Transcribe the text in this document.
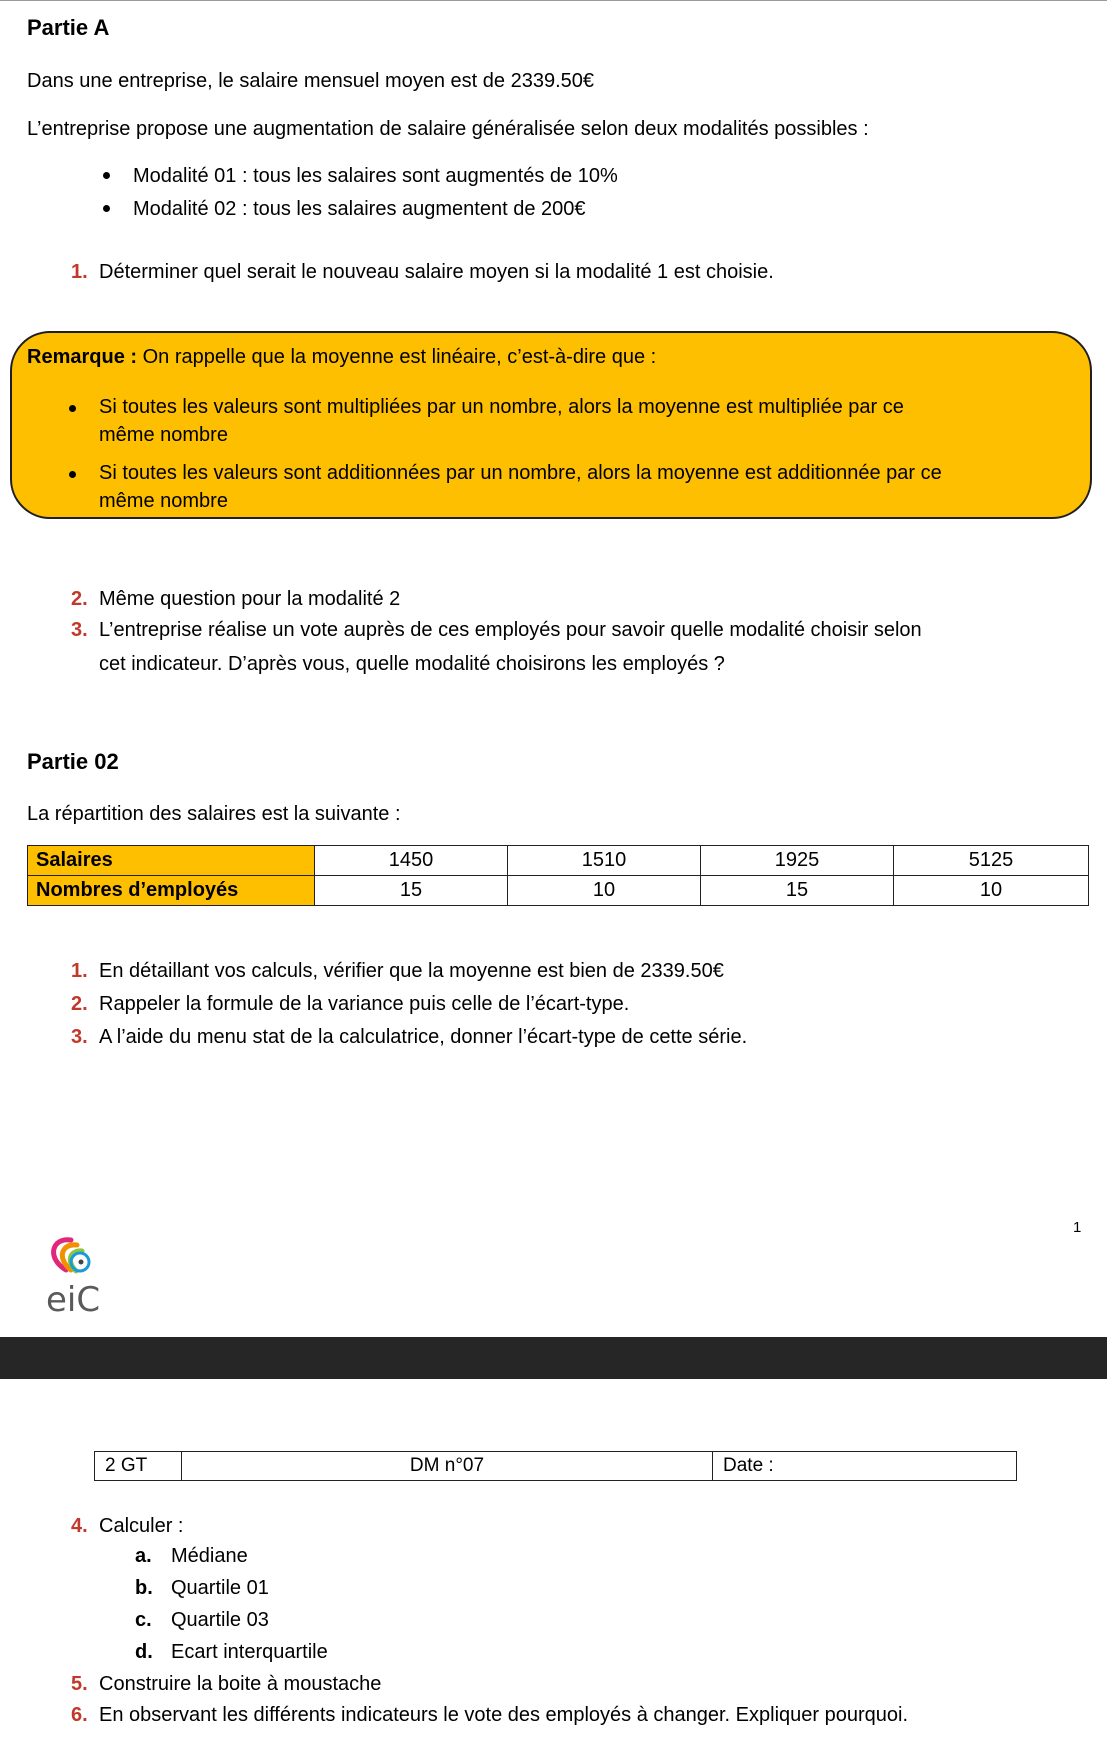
Partie A
Dans une entreprise, le salaire mensuel moyen est de 2339.50€
L’entreprise propose une augmentation de salaire généralisée selon deux modalités possibles :
Modalité 01 : tous les salaires sont augmentés de 10%
Modalité 02 : tous les salaires augmentent de 200€
1. Déterminer quel serait le nouveau salaire moyen si la modalité 1 est choisie.
Remarque : On rappelle que la moyenne est linéaire, c’est-à-dire que :
Si toutes les valeurs sont multipliées par un nombre, alors la moyenne est multipliée par ce
même nombre
Si toutes les valeurs sont additionnées par un nombre, alors la moyenne est additionnée par ce
même nombre
2. Même question pour la modalité 2
3. L’entreprise réalise un vote auprès de ces employés pour savoir quelle modalité choisir selon
cet indicateur. D’après vous, quelle modalité choisirons les employés ?
Partie 02
La répartition des salaires est la suivante :
Salaires	1450	1510	1925	5125
Nombres d’employés	15	10	15	10
1. En détaillant vos calculs, vérifier que la moyenne est bien de 2339.50€
2. Rappeler la formule de la variance puis celle de l’écart-type.
3. A l’aide du menu stat de la calculatrice, donner l’écart-type de cette série.
1
eiC
2 GT	DM n°07	Date :
4. Calculer :
a. Médiane
b. Quartile 01
c. Quartile 03
d. Ecart interquartile
5. Construire la boite à moustache
6. En observant les différents indicateurs le vote des employés à changer. Expliquer pourquoi.
